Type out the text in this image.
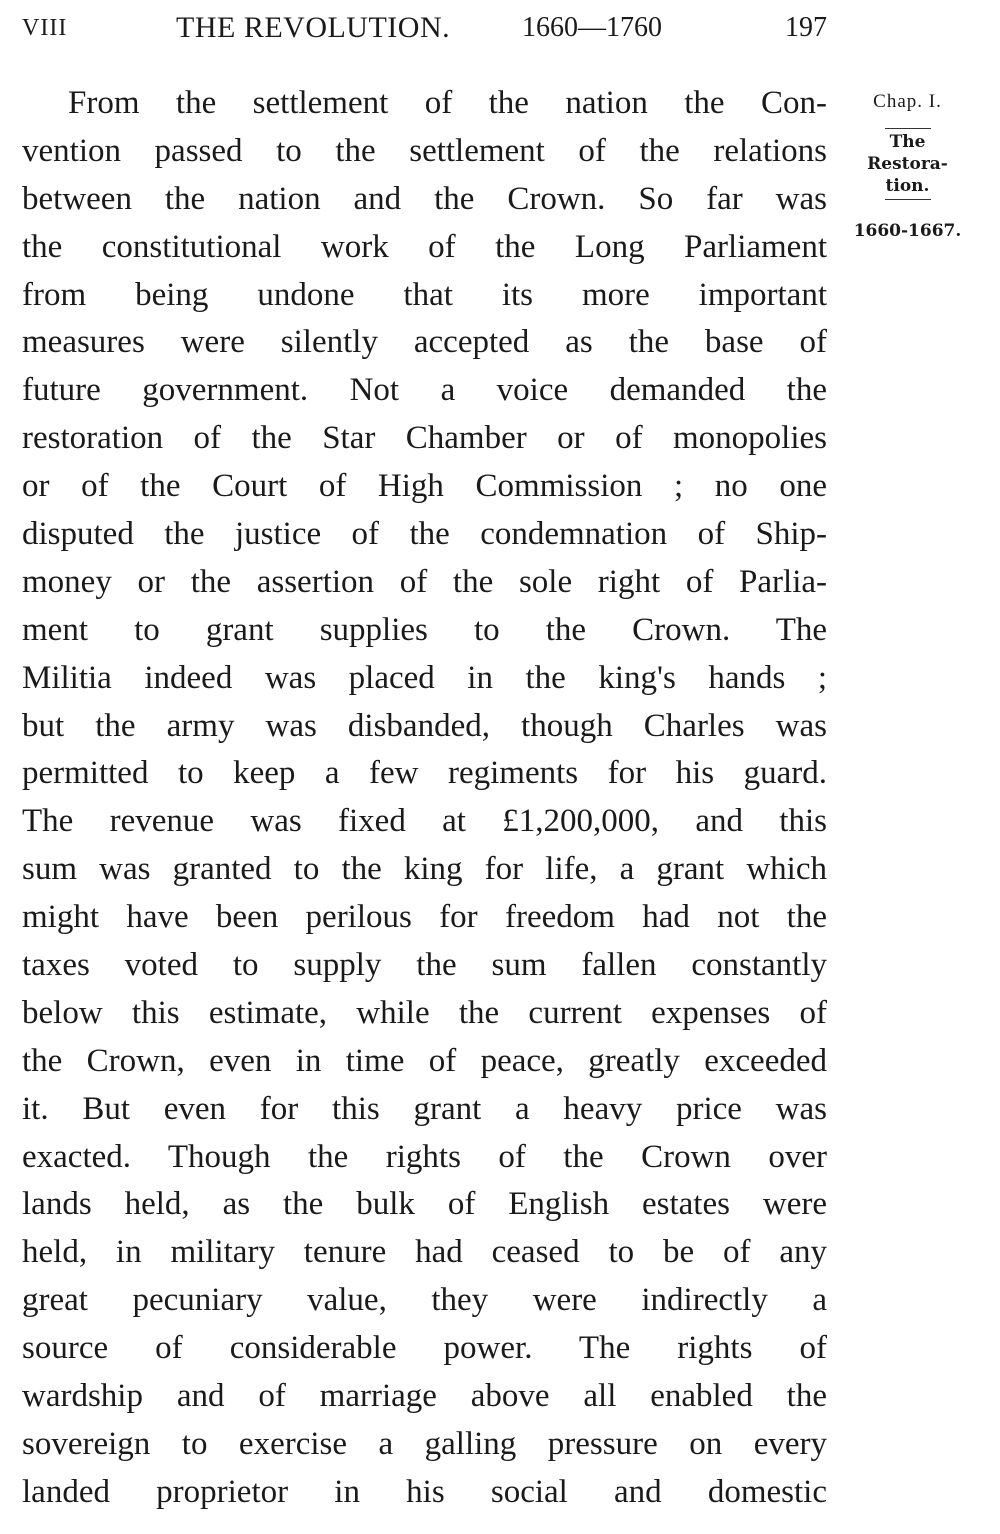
VIII	THE REVOLUTION.	1660—1760	197
From the settlement of the nation the Con-
vention passed to the settlement of the relations
between the nation and the Crown. So far was
the constitutional work of the Long Parliament
from being undone that its more important
measures were silently accepted as the base of
future government. Not a voice demanded the
restoration of the Star Chamber or of monopolies
or of the Court of High Commission ; no one
disputed the justice of the condemnation of Ship-
money or the assertion of the sole right of Parlia-
ment to grant supplies to the Crown. The
Militia indeed was placed in the king's hands ;
but the army was disbanded, though Charles was
permitted to keep a few regiments for his guard.
The revenue was fixed at £1,200,000, and this
sum was granted to the king for life, a grant which
might have been perilous for freedom had not the
taxes voted to supply the sum fallen constantly
below this estimate, while the current expenses of
the Crown, even in time of peace, greatly exceeded
it. But even for this grant a heavy price was
exacted. Though the rights of the Crown over
lands held, as the bulk of English estates were
held, in military tenure had ceased to be of any
great pecuniary value, they were indirectly a
source of considerable power. The rights of
wardship and of marriage above all enabled the
sovereign to exercise a galling pressure on every
landed proprietor in his social and domestic
Chap. I.
The
Restora-
tion.
1660-1667.
